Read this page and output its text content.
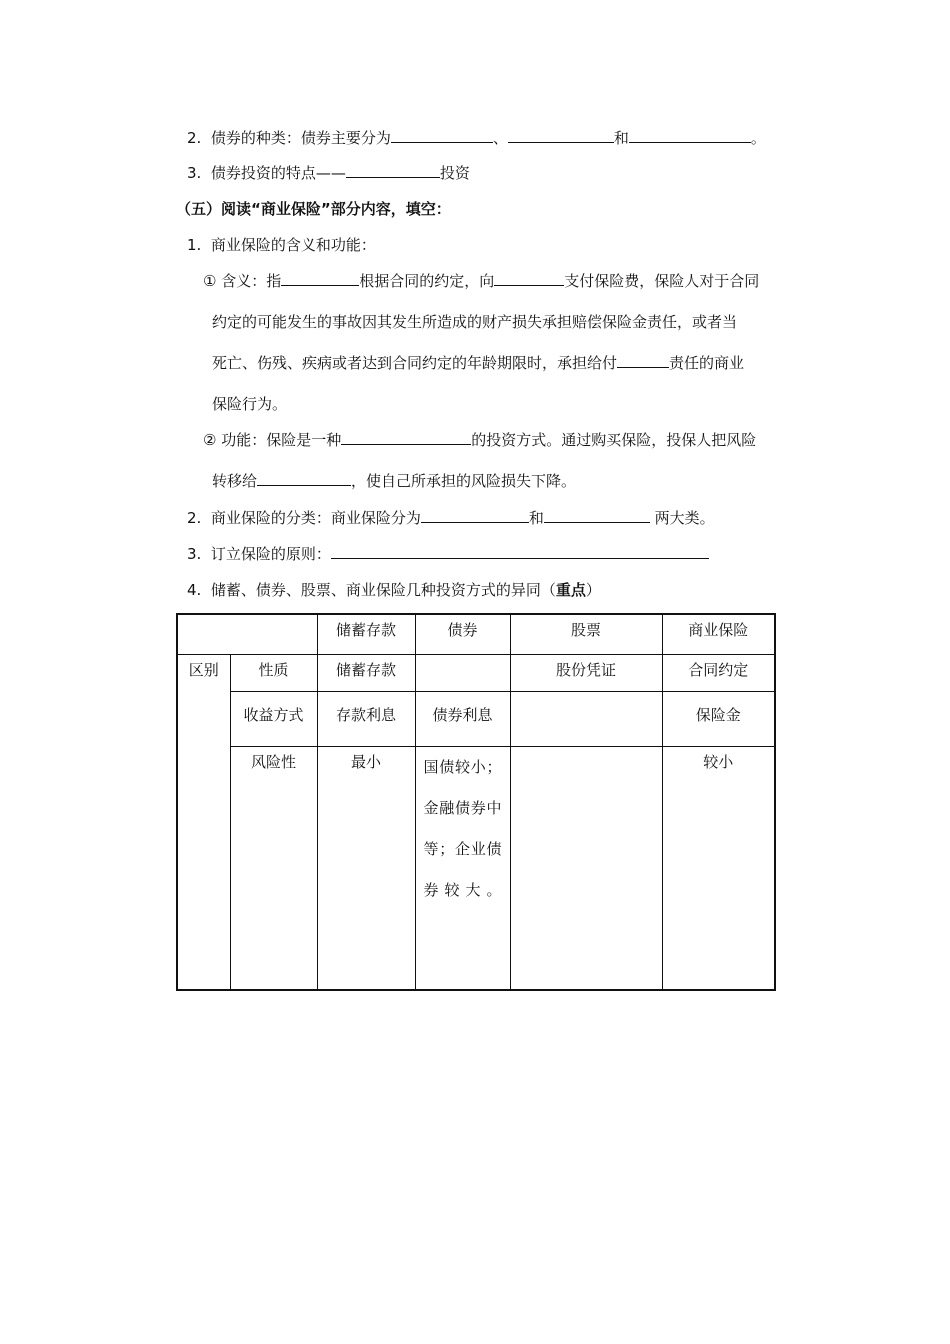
2. 债券的种类：债券主要分为	、	和	。
3. 债券投资的特点——	投资
（五）阅读“商业保险”部分内容，填空：
1. 商业保险的含义和功能：
① 含义：指	根据合同的约定，向	支付保险费，保险人对于合同
约定的可能发生的事故因其发生所造成的财产损失承担赔偿保险金责任，或者当
死亡、伤残、疾病或者达到合同约定的年龄期限时，承担给付	责任的商业
保险行为。
② 功能：保险是一种	的投资方式。通过购买保险，投保人把风险
转移给	，使自己所承担的风险损失下降。
2. 商业保险的分类：商业保险分为	和	两大类。
3. 订立保险的原则：
4. 储蓄、债券、股票、商业保险几种投资方式的异同（重点）
		储蓄存款	债券	股票	商业保险
区别	性质	储蓄存款		股份凭证	合同约定
	收益方式	存款利息	债券利息		保险金
	风险性	最小	国债较小；金融债券中等；企业债券较大。		较小
